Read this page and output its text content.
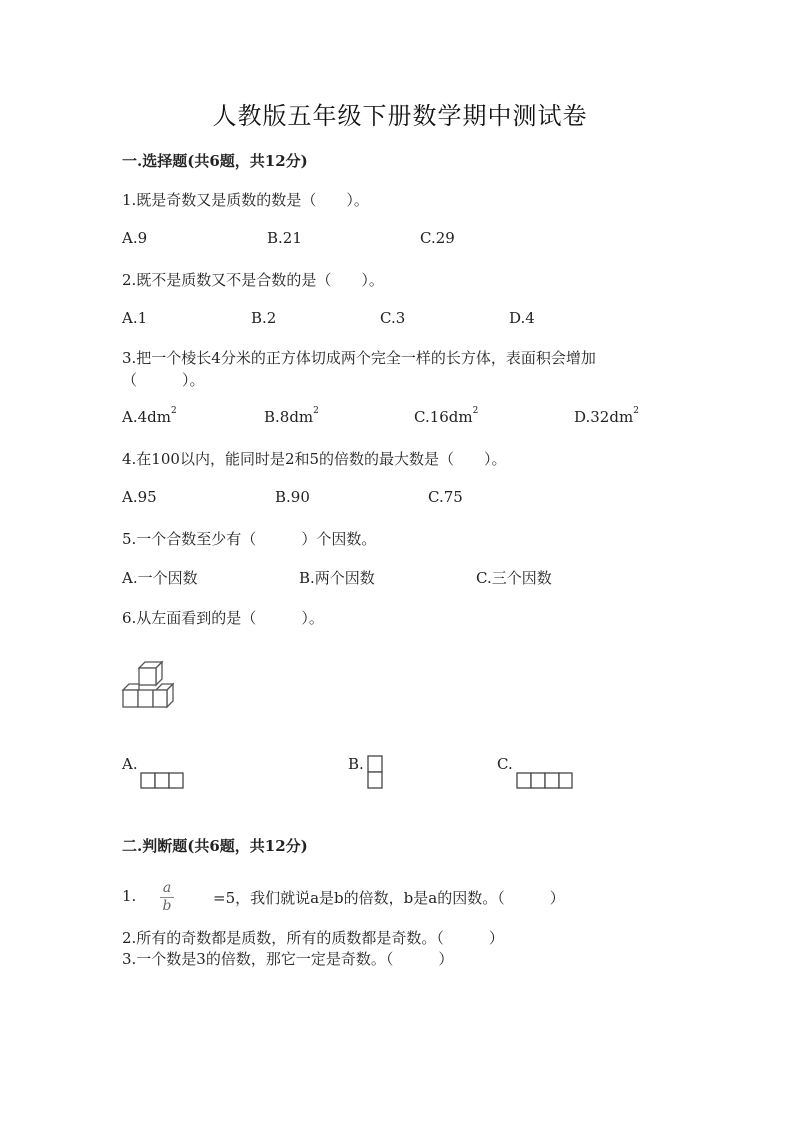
人教版五年级下册数学期中测试卷
一.选择题(共6题，共12分)
1.既是奇数又是质数的数是（　　）。
A.9	B.21	C.29
2.既不是质数又不是合数的是（　　）。
A.1	B.2	C.3	D.4
3.把一个棱长4分米的正方体切成两个完全一样的长方体，表面积会增加
（　　　）。
$A.4dm^2$	$B.8dm^2$	$C.16dm^2$	$D.32dm^2$
4.在100以内，能同时是2和5的倍数的最大数是（　　）。
A.95	B.90	C.75
5.一个合数至少有（　　　）个因数。
A.一个因数	B.两个因数	C.三个因数
6.从左面看到的是（　　　）。
A.	B.	C.
二.判断题(共6题，共12分)
1. a
b	=5，我们就说a是b的倍数，b是a的因数。（　　　）
2.所有的奇数都是质数，所有的质数都是奇数。（　　　）
3.一个数是3的倍数，那它一定是奇数。（　　　）
